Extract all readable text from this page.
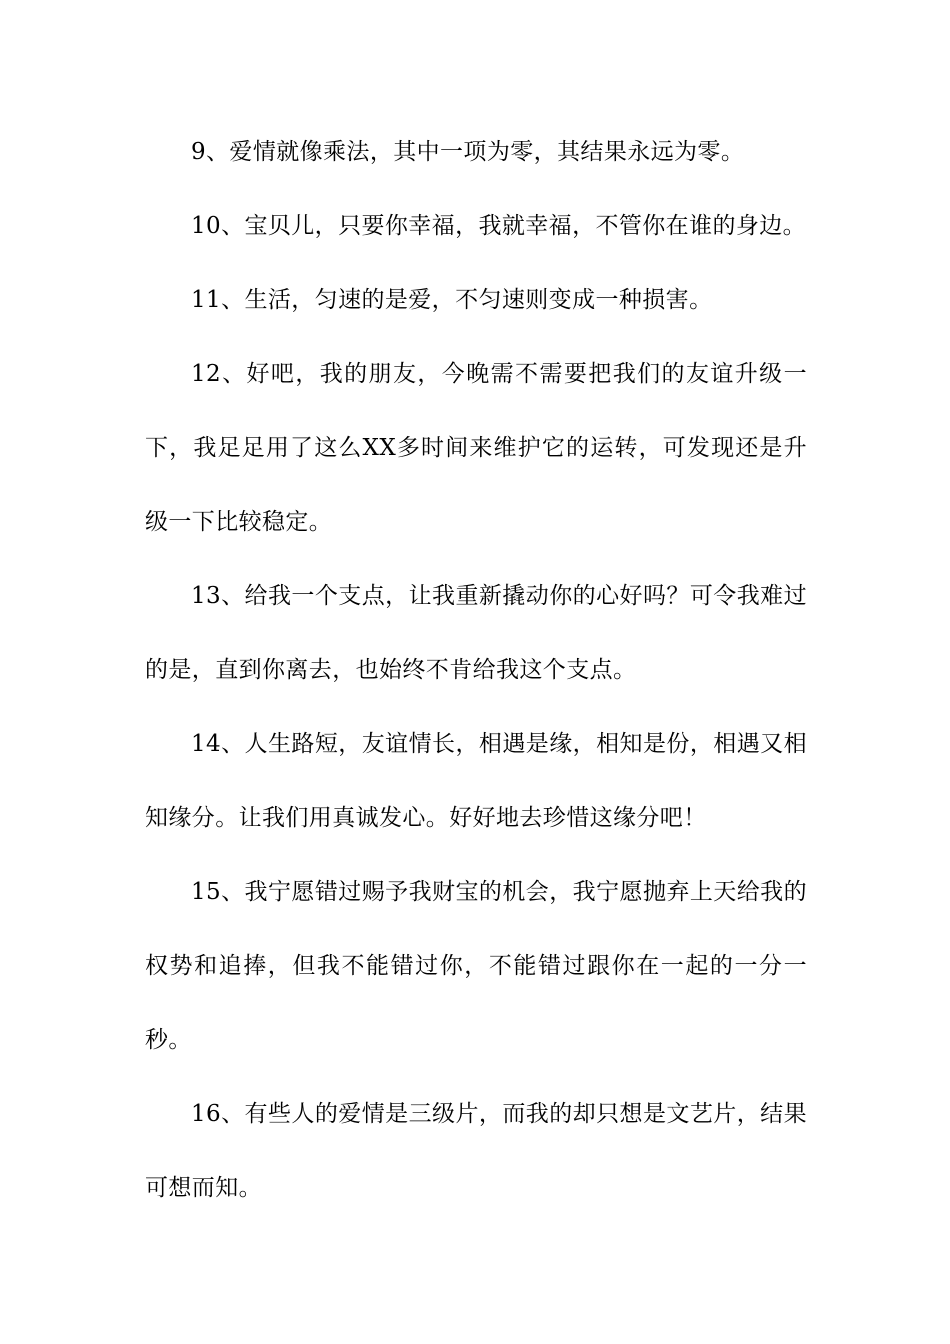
9、爱情就像乘法，其中一项为零，其结果永远为零。

10、宝贝儿，只要你幸福，我就幸福，不管你在谁的身边。

11、生活，匀速的是爱，不匀速则变成一种损害。

12、好吧，我的朋友，今晚需不需要把我们的友谊升级一下，我足足用了这么XX多时间来维护它的运转，可发现还是升级一下比较稳定。

13、给我一个支点，让我重新撬动你的心好吗？可令我难过的是，直到你离去，也始终不肯给我这个支点。

14、人生路短，友谊情长，相遇是缘，相知是份，相遇又相知缘分。让我们用真诚发心。好好地去珍惜这缘分吧！

15、我宁愿错过赐予我财宝的机会，我宁愿抛弃上天给我的权势和追捧，但我不能错过你，不能错过跟你在一起的一分一秒。

16、有些人的爱情是三级片，而我的却只想是文艺片，结果可想而知。
